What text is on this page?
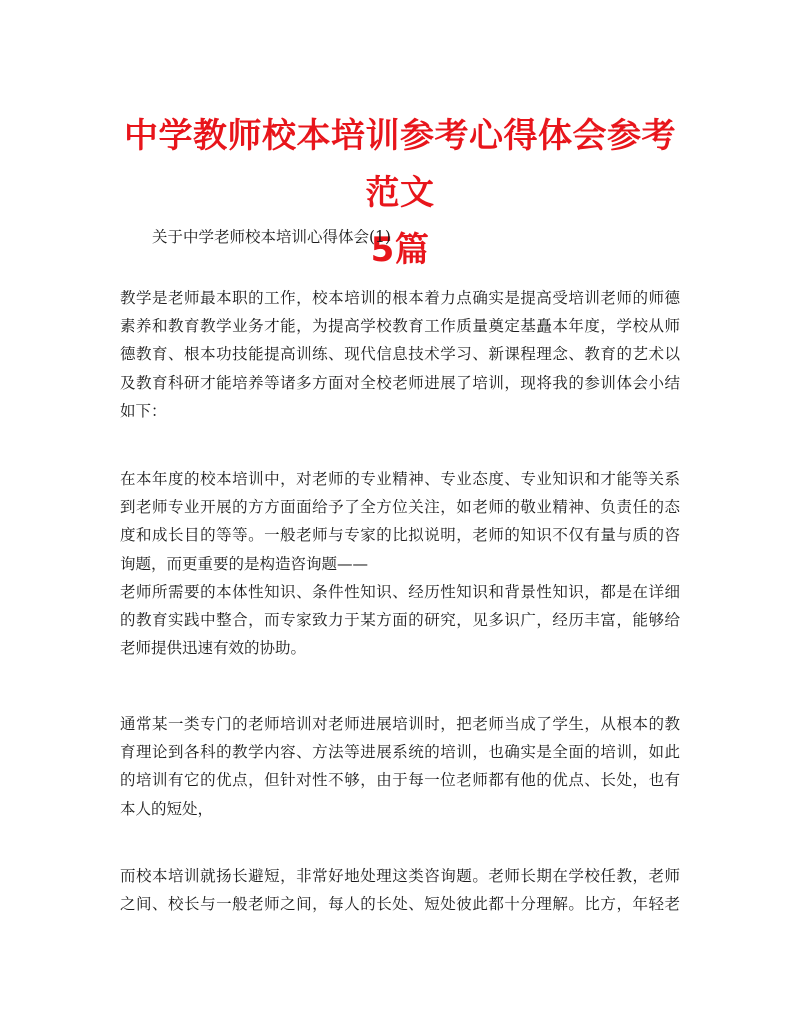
中学教师校本培训参考心得体会参考范文
5篇

关于中学老师校本培训心得体会(1)

教学是老师最本职的工作，校本培训的根本着力点确实是提高受培训老师的师德
素养和教育教学业务才能，为提高学校教育工作质量奠定基矗本年度，学校从师
德教育、根本功技能提高训练、现代信息技术学习、新课程理念、教育的艺术以
及教育科研才能培养等诸多方面对全校老师进展了培训，现将我的参训体会小结
如下：

在本年度的校本培训中，对老师的专业精神、专业态度、专业知识和才能等关系
到老师专业开展的方方面面给予了全方位关注，如老师的敬业精神、负责任的态
度和成长目的等等。一般老师与专家的比拟说明，老师的知识不仅有量与质的咨
询题，而更重要的是构造咨询题——
老师所需要的本体性知识、条件性知识、经历性知识和背景性知识，都是在详细
的教育实践中整合，而专家致力于某方面的研究，见多识广，经历丰富，能够给
老师提供迅速有效的协助。

通常某一类专门的老师培训对老师进展培训时，把老师当成了学生，从根本的教
育理论到各科的教学内容、方法等进展系统的培训，也确实是全面的培训，如此
的培训有它的优点，但针对性不够，由于每一位老师都有他的优点、长处，也有
本人的短处，

而校本培训就扬长避短，非常好地处理这类咨询题。老师长期在学校任教，老师
之间、校长与一般老师之间，每人的长处、短处彼此都十分理解。比方，年轻老
